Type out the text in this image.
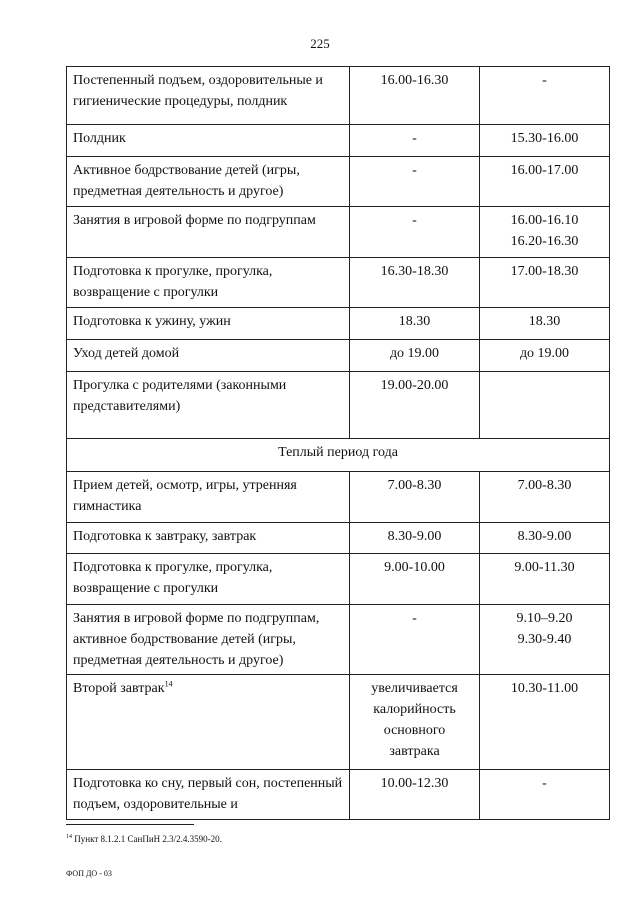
225
Постепенный подъем, оздоровительные и гигиенические процедуры, полдник	16.00-16.30	-

Полдник	-	15.30-16.00

Активное бодрствование детей (игры, предметная деятельность и другое)	-	16.00-17.00

Занятия в игровой форме по подгруппам	-	16.00-16.10
16.20-16.30

Подготовка к прогулке, прогулка, возвращение с прогулки	16.30-18.30	17.00-18.30

Подготовка к ужину, ужин	18.30	18.30

Уход детей домой	до 19.00	до 19.00

Прогулка с родителями (законными представителями)	19.00-20.00	

Теплый период года		
Прием детей, осмотр, игры, утренняя гимнастика	7.00-8.30	7.00-8.30

Подготовка к завтраку, завтрак	8.30-9.00	8.30-9.00

Подготовка к прогулке, прогулка, возвращение с прогулки	9.00-10.00	9.00-11.30

Занятия в игровой форме по подгруппам, активное бодрствование детей (игры, предметная деятельность и другое)	-	9.10–9.20
9.30-9.40

Второй завтрак$^{14}$	увеличивается
калорийность
основного
завтрака	10.30-11.00

Подготовка ко сну, первый сон, постепенный подъем, оздоровительные и	10.00-12.30	-
$^{14}$ Пункт 8.1.2.1 СанПиН 2.3/2.4.3590-20.
ФОП ДО - 03
